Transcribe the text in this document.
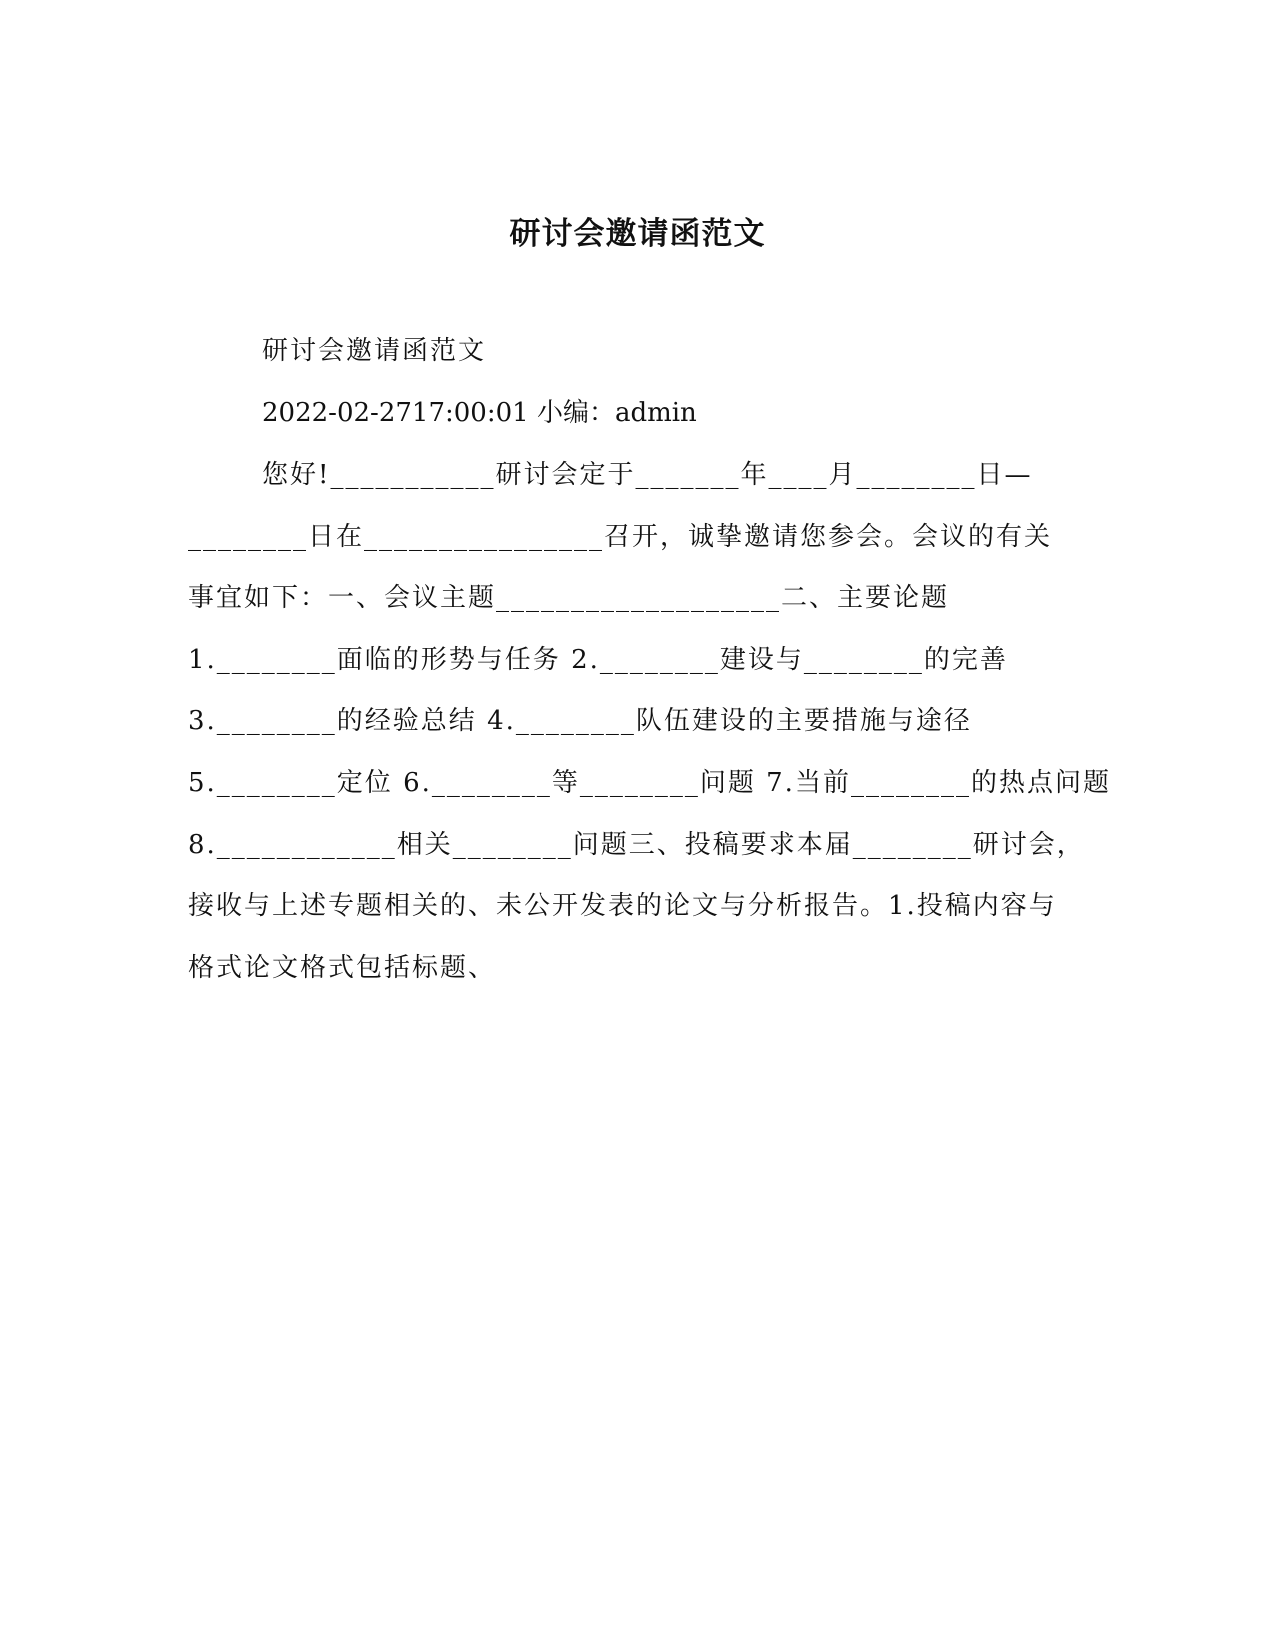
研讨会邀请函范文

研讨会邀请函范文

2022-02-2717:00:01 小编：admin

您好!___________研讨会定于_______年____月________日—

________日在________________召开，诚挚邀请您参会。会议的有关

事宜如下：一、会议主题___________________二、主要论题

1.________面临的形势与任务 2.________建设与________的完善

3.________的经验总结 4.________队伍建设的主要措施与途径

5.________定位 6.________等________问题 7.当前________的热点问题

8.____________相关________问题三、投稿要求本届________研讨会，

接收与上述专题相关的、未公开发表的论文与分析报告。1.投稿内容与

格式论文格式包括标题、
